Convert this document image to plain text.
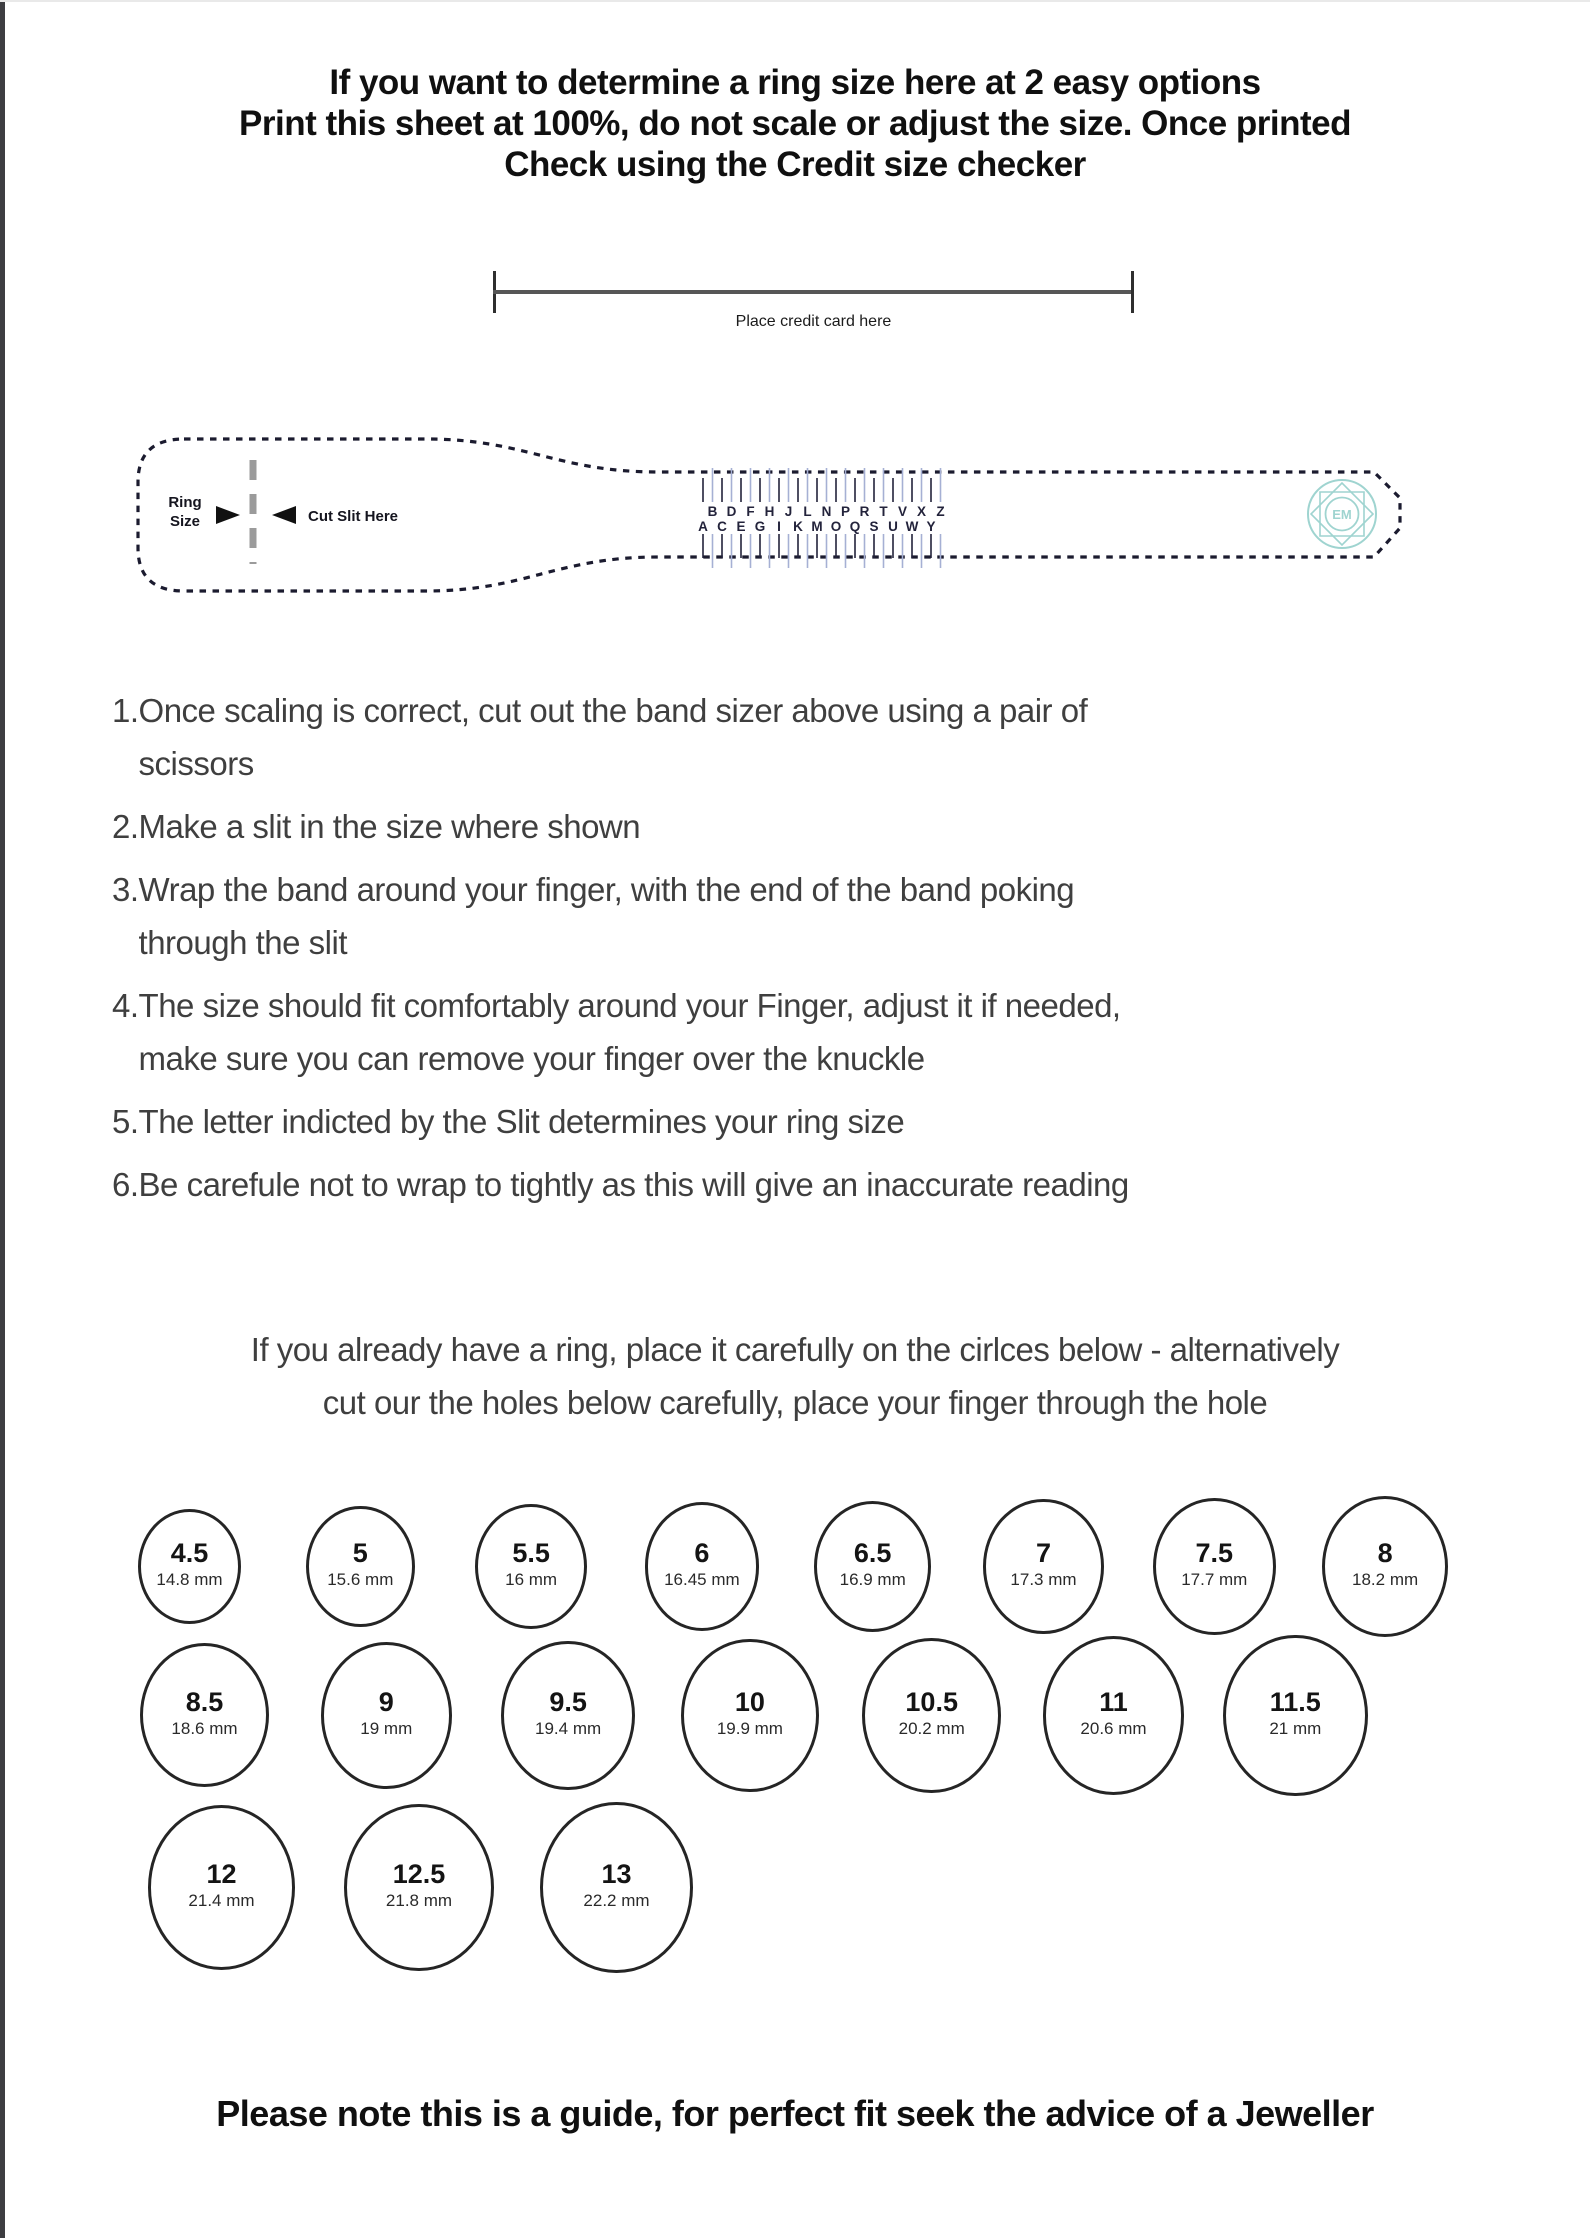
If you want to determine a ring size here at 2 easy options
Print this sheet at 100%, do not scale or adjust the size. Once printed
Check using the Credit size checker
Place credit card here
Ring
Size	Cut Slit Here
A
B
C
D
E
F
G
H
I
J
K
L
M
N
O
P
Q
R
S
T
U
V
W
X
Y
Z	EM
1. Once scaling is correct, cut out the band sizer above using a pair of
scissors
2. Make a slit in the size where shown
3. Wrap the band around your finger, with the end of the band poking
through the slit
4. The size should fit comfortably around your Finger, adjust it if needed,
make sure you can remove your finger over the knuckle
5. The letter indicted by the Slit determines your ring size
6. Be carefule not to wrap to tightly as this will give an inaccurate reading
If you already have a ring, place it carefully on the cirlces below - alternatively
cut our the holes below carefully, place your finger through the hole
4.5
14.8 mm
5
15.6 mm
5.5
16 mm
6
16.45 mm
6.5
16.9 mm
7
17.3 mm
7.5
17.7 mm
8
18.2 mm
8.5
18.6 mm
9
19 mm
9.5
19.4 mm
10
19.9 mm
10.5
20.2 mm
11
20.6 mm
11.5
21 mm
12
21.4 mm
12.5
21.8 mm
13
22.2 mm
Please note this is a guide, for perfect fit seek the advice of a Jeweller
